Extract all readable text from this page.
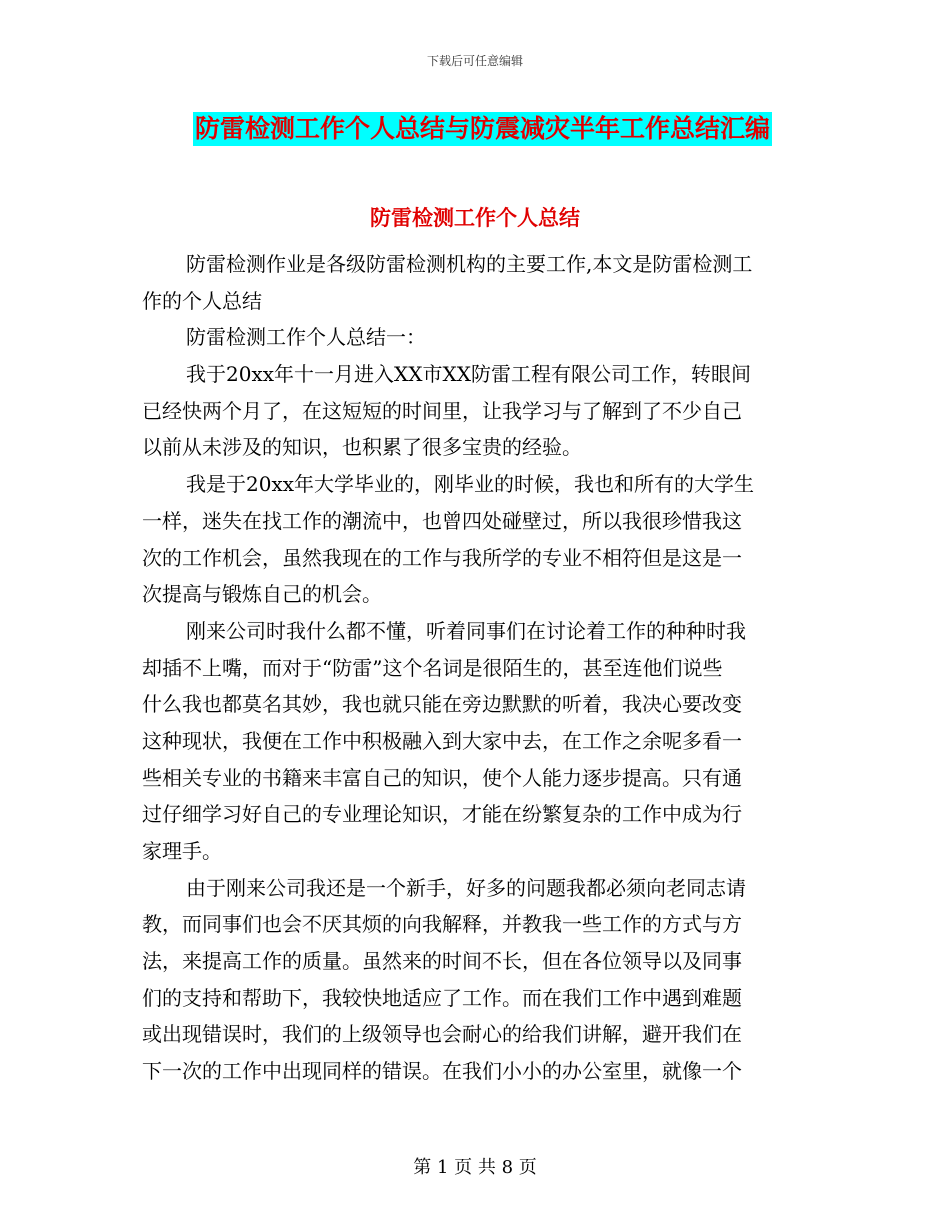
下载后可任意编辑
防雷检测工作个人总结与防震减灾半年工作总结汇编
防雷检测工作个人总结
防雷检测作业是各级防雷检测机构的主要工作,本文是防雷检测工
作的个人总结
防雷检测工作个人总结一：
我于20xx年十一月进入XX市XX防雷工程有限公司工作，转眼间
已经快两个月了，在这短短的时间里，让我学习与了解到了不少自己
以前从未涉及的知识，也积累了很多宝贵的经验。
我是于20xx年大学毕业的，刚毕业的时候，我也和所有的大学生
一样，迷失在找工作的潮流中，也曾四处碰壁过，所以我很珍惜我这
次的工作机会，虽然我现在的工作与我所学的专业不相符但是这是一
次提高与锻炼自己的机会。
刚来公司时我什么都不懂，听着同事们在讨论着工作的种种时我
却插不上嘴，而对于“防雷”这个名词是很陌生的，甚至连他们说些
什么我也都莫名其妙，我也就只能在旁边默默的听着，我决心要改变
这种现状，我便在工作中积极融入到大家中去，在工作之余呢多看一
些相关专业的书籍来丰富自己的知识，使个人能力逐步提高。只有通
过仔细学习好自己的专业理论知识，才能在纷繁复杂的工作中成为行
家理手。
由于刚来公司我还是一个新手，好多的问题我都必须向老同志请
教，而同事们也会不厌其烦的向我解释，并教我一些工作的方式与方
法，来提高工作的质量。虽然来的时间不长，但在各位领导以及同事
们的支持和帮助下，我较快地适应了工作。而在我们工作中遇到难题
或出现错误时，我们的上级领导也会耐心的给我们讲解，避开我们在
下一次的工作中出现同样的错误。在我们小小的办公室里，就像一个
第 1 页 共 8 页
